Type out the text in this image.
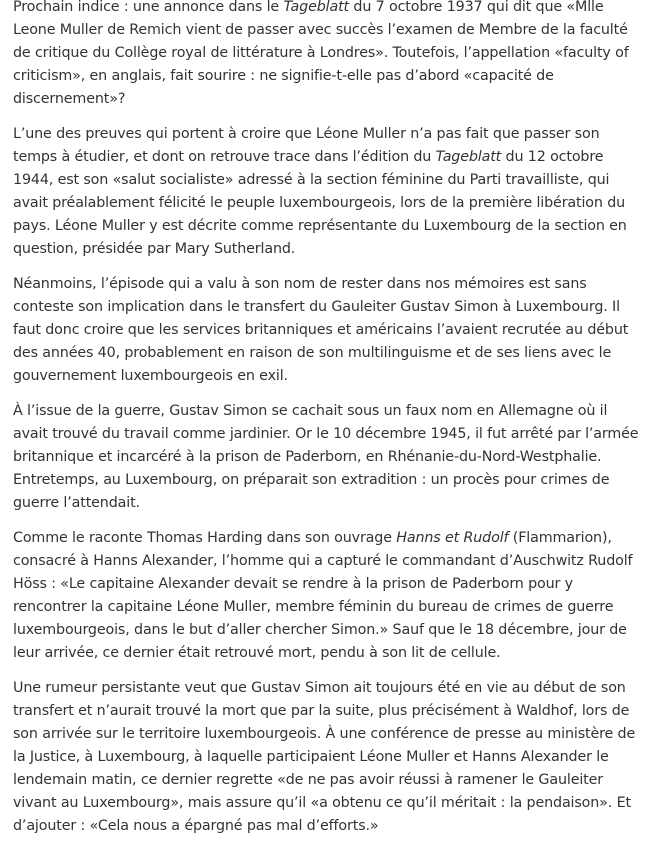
Prochain indice : une annonce dans le Tageblatt du 7 octobre 1937 qui dit que «Mlle Leone Muller de Remich vient de passer avec succès l’examen de Membre de la faculté de critique du Collège royal de littérature à Londres». Toutefois, l’appellation «faculty of criticism», en anglais, fait sourire : ne signifie-t-elle pas d’abord «capacité de discernement»?

L’une des preuves qui portent à croire que Léone Muller n’a pas fait que passer son temps à étudier, et dont on retrouve trace dans l’édition du Tageblatt du 12 octobre 1944, est son «salut socialiste» adressé à la section féminine du Parti travailliste, qui avait préalablement félicité le peuple luxembourgeois, lors de la première libération du pays. Léone Muller y est décrite comme représentante du Luxembourg de la section en question, présidée par Mary Sutherland.

Néanmoins, l’épisode qui a valu à son nom de rester dans nos mémoires est sans conteste son implication dans le transfert du Gauleiter Gustav Simon à Luxembourg. Il faut donc croire que les services britanniques et américains l’avaient recrutée au début des années 40, probablement en raison de son multilinguisme et de ses liens avec le gouvernement luxembourgeois en exil.

À l’issue de la guerre, Gustav Simon se cachait sous un faux nom en Allemagne où il avait trouvé du travail comme jardinier. Or le 10 décembre 1945, il fut arrêté par l’armée britannique et incarcéré à la prison de Paderborn, en Rhénanie-du-Nord-Westphalie. Entretemps, au Luxembourg, on préparait son extradition : un procès pour crimes de guerre l’attendait.

Comme le raconte Thomas Harding dans son ouvrage Hanns et Rudolf (Flammarion), consacré à Hanns Alexander, l’homme qui a capturé le commandant d’Auschwitz Rudolf Höss : «Le capitaine Alexander devait se rendre à la prison de Paderborn pour y rencontrer la capitaine Léone Muller, membre féminin du bureau de crimes de guerre luxembourgeois, dans le but d’aller chercher Simon.» Sauf que le 18 décembre, jour de leur arrivée, ce dernier était retrouvé mort, pendu à son lit de cellule.

Une rumeur persistante veut que Gustav Simon ait toujours été en vie au début de son transfert et n’aurait trouvé la mort que par la suite, plus précisément à Waldhof, lors de son arrivée sur le territoire luxembourgeois. À une conférence de presse au ministère de la Justice, à Luxembourg, à laquelle participaient Léone Muller et Hanns Alexander le lendemain matin, ce dernier regrette «de ne pas avoir réussi à ramener le Gauleiter vivant au Luxembourg», mais assure qu’il «a obtenu ce qu’il méritait : la pendaison». Et d’ajouter : «Cela nous a épargné pas mal d’efforts.»
